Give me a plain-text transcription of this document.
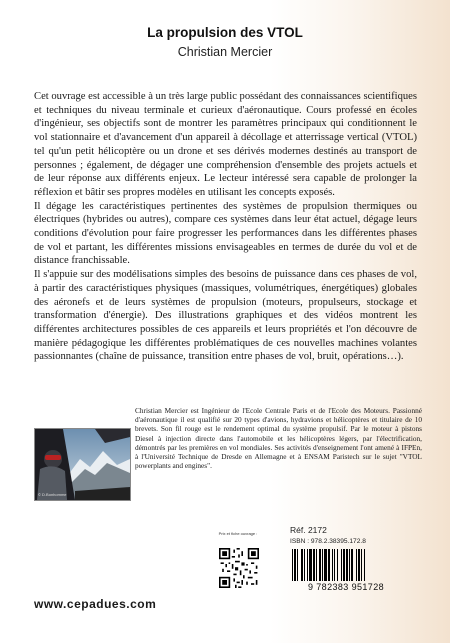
La propulsion des VTOL
Christian Mercier

Cet ouvrage est accessible à un très large public possédant des connaissances scientifiques et techniques du niveau terminale et curieux d'aéronautique. Cours professé en écoles d'ingénieur, ses objectifs sont de montrer les paramètres principaux qui conditionnent le vol stationnaire et d'avancement d'un appareil à décollage et atterrissage vertical (VTOL) tel qu'un petit hélicoptère ou un drone et ses dérivés modernes destinés au transport de personnes ; également, de dégager une compréhension d'ensemble des projets actuels et de leur réponse aux différents enjeux. Le lecteur intéressé sera capable de prolonger la réflexion et bâtir ses propres modèles en utilisant les concepts exposés.

Il dégage les caractéristiques pertinentes des systèmes de propulsion thermiques ou électriques (hybrides ou autres), compare ces systèmes dans leur état actuel, dégage leurs conditions d'évolution pour faire progresser les performances dans les différentes phases de vol et partant, les différentes missions envisageables en termes de durée du vol et de distance franchissable.

Il s'appuie sur des modélisations simples des besoins de puissance dans ces phases de vol, à partir des caractéristiques physiques (massiques, volumétriques, énergétiques) globales des aéronefs et de leurs systèmes de propulsion (moteurs, propulseurs, stockage et transformation d'énergie). Des illustrations graphiques et des vidéos montrent les différentes architectures possibles de ces appareils et leurs propriétés et l'on découvre de manière pédagogique les différentes problématiques de ces nouvelles machines volantes passionnantes (chaîne de puissance, transition entre phases de vol, bruit, opérations…).

© D.Bonhomme
Christian Mercier est Ingénieur de l'Ecole Centrale Paris et de l'Ecole des Moteurs. Passionné d'aéronautique il est qualifié sur 20 types d'avions, hydravions et hélicoptères et titulaire de 10 brevets. Son fil rouge est le rendement optimal du système propulsif. Par le moteur à pistons Diesel à injection directe dans l'automobile et les hélicoptères légers, par l'électrification, démontrés par les premières en vol mondiales. Ses activités d'enseignement l'ont amené à IFPEn, à l'Université Technique de Dresde en Allemagne et à ENSAM Paristech sur le sujet "VTOL powerplants and engines".
Prix et fiche ouvrage :	Réf. 2172
ISBN : 978.2.38395.172.8
9 782383 951728
www.cepadues.com
